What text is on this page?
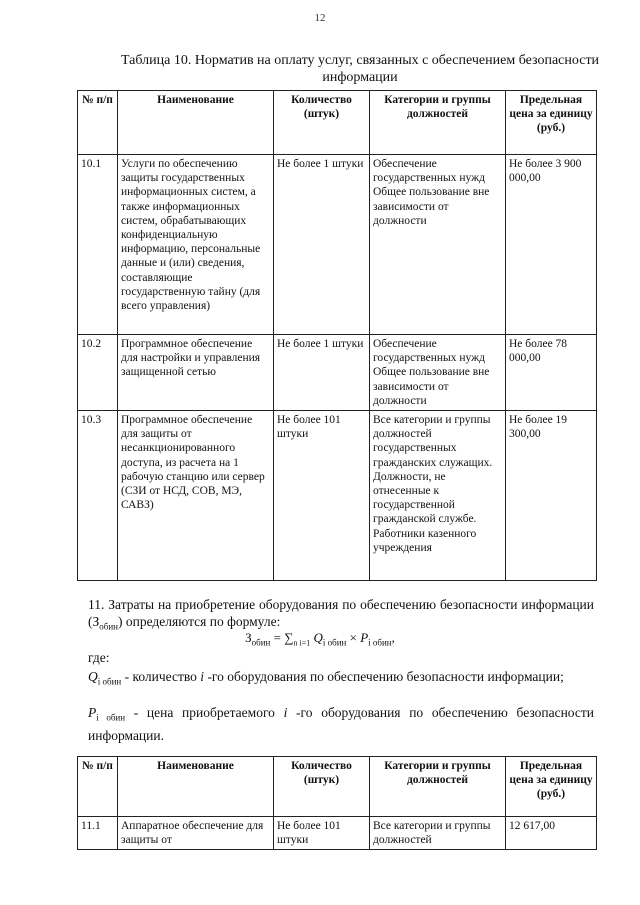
12
Таблица 10. Норматив на оплату услуг, связанных с обеспечением безопасности информации
№ п/п	Наименование	Количество (штук)	Категории и группы должностей	Предельная цена за единицу (руб.)
10.1	Услуги по обеспечению защиты государственных информационных систем, а также информационных систем, обрабатывающих конфиденциальную информацию, персональные данные и (или) сведения, составляющие государственную тайну (для всего управления)	Не более 1 штуки	Обеспечение государственных нужд Общее пользование вне зависимости от должности	Не более 3 900 000,00
10.2	Программное обеспечение для настройки и управления защищенной сетью	Не более 1 штуки	Обеспечение государственных нужд Общее пользование вне зависимости от должности	Не более 78 000,00
10.3	Программное обеспечение для защиты от несанкционированного доступа, из расчета на 1 рабочую станцию или сервер (СЗИ от НСД, СОВ, МЭ, САВЗ)	Не более 101 штуки	Все категории и группы должностей государственных гражданских служащих. Должности, не отнесенные к государственной гражданской службе. Работники казенного учреждения	Не более 19 300,00
11. Затраты на приобретение оборудования по обеспечению безопасности информации $(З_{обин})$ определяются по формуле:
$З_{обин} = \sum_{n i=1}$ $Q_{i обин} \times P_{i обин}$,
где:
$Q_{i обин}$ - количество i -го оборудования по обеспечению безопасности информации;
$P_{i обин}$ - цена приобретаемого i -го оборудования по обеспечению безопасности информации.
№ п/п	Наименование	Количество (штук)	Категории и группы должностей	Предельная цена за единицу (руб.)
11.1	Аппаратное обеспечение для защиты от	Не более 101 штуки	Все категории и группы должностей	12 617,00
